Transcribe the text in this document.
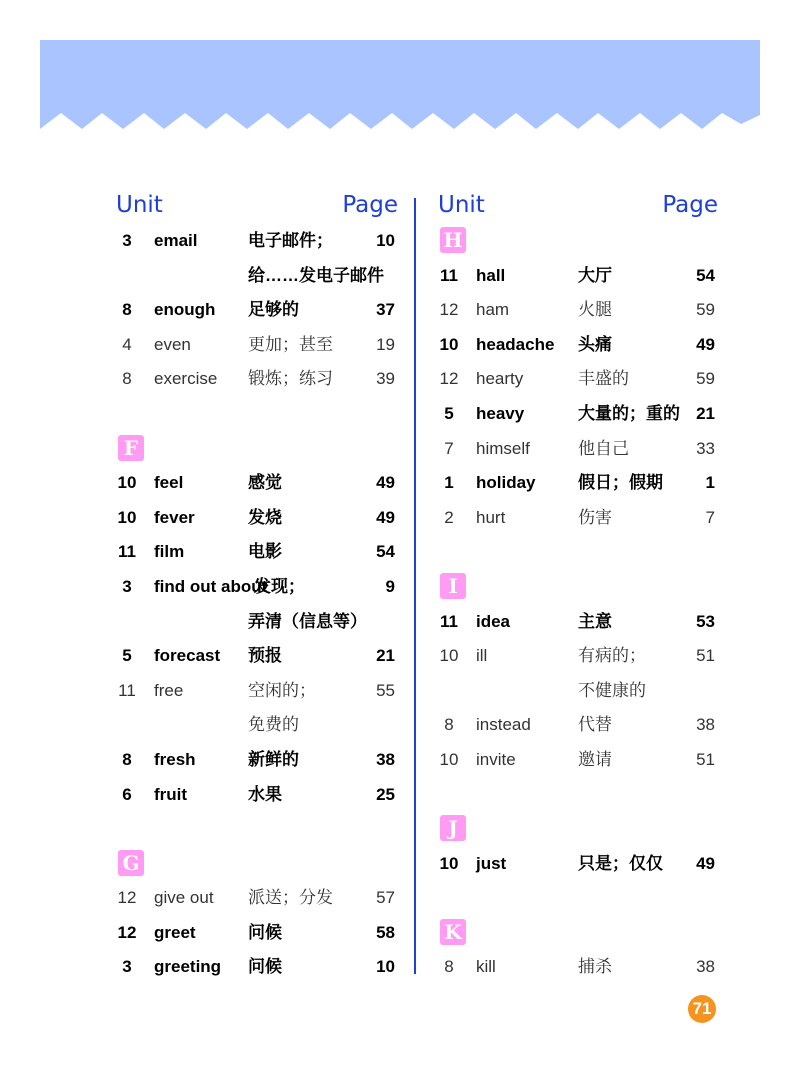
Unit	Page
3	email	电子邮件；	10
给……发电子邮件
8	enough 足够的	37
4	even	更加；甚至	19
8	exercise 锻炼；练习	39
F
10 feel	感觉	49
10 fever	发烧	49
11 film	电影	54
3	find out about
发现；	9
弄清（信息等）
5	forecast 预报	21
11 free	空闲的；	55
免费的
8	fresh	新鲜的	38
6	fruit	水果	25
G
12 give out 派送；分发	57
12 greet	问候	58
3	greeting 问候	10
Unit	Page
H
11 hall	大厅	54
12 ham	火腿	59
10 headache 头痛	49
12 hearty	丰盛的	59
5	heavy	大量的；重的 21
7	himself	他自己	33
1	holiday 假日；假期	1
2	hurt	伤害	7
I
11 idea	主意	53
10 ill	有病的；	51
不健康的
8	instead	代替	38
10 invite	邀请	51
J
10 just	只是；仅仅 49
K
8	kill	捕杀	38
71
